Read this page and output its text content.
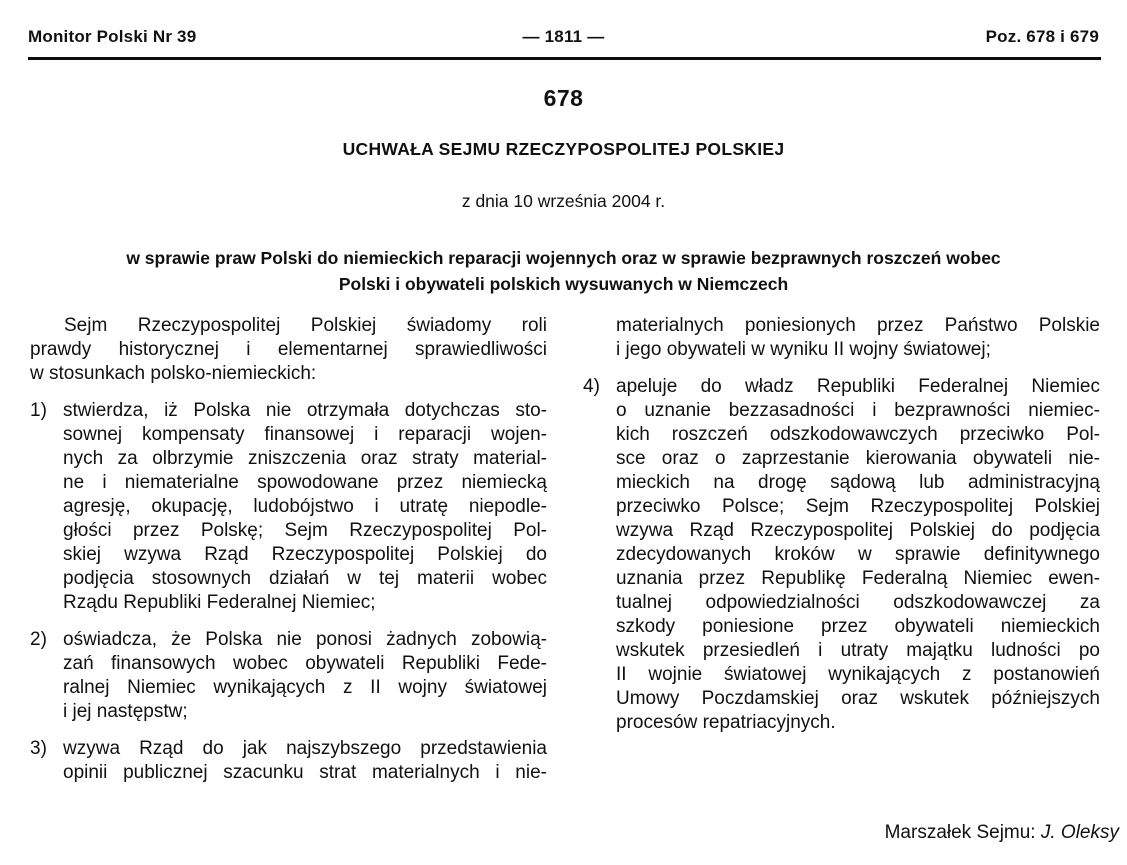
Monitor Polski Nr 39	— 1811 —	Poz. 678 i 679
678
UCHWAŁA SEJMU RZECZYPOSPOLITEJ POLSKIEJ
z dnia 10 września 2004 r.
w sprawie praw Polski do niemieckich reparacji wojennych oraz w sprawie bezprawnych roszczeń wobec
Polski i obywateli polskich wysuwanych w Niemczech
Sejm Rzeczypospolitej Polskiej świadomy roli
prawdy historycznej i elementarnej sprawiedliwości
w stosunkach polsko-niemieckich:
1) stwierdza, iż Polska nie otrzymała dotychczas sto-
sownej kompensaty finansowej i reparacji wojen-
nych za olbrzymie zniszczenia oraz straty material-
ne i niematerialne spowodowane przez niemiecką
agresję, okupację, ludobójstwo i utratę niepodle-
głości przez Polskę; Sejm Rzeczypospolitej Pol-
skiej wzywa Rząd Rzeczypospolitej Polskiej do
podjęcia stosownych działań w tej materii wobec
Rządu Republiki Federalnej Niemiec;
2) oświadcza, że Polska nie ponosi żadnych zobowią-
zań finansowych wobec obywateli Republiki Fede-
ralnej Niemiec wynikających z II wojny światowej
i jej następstw;
3) wzywa Rząd do jak najszybszego przedstawienia
opinii publicznej szacunku strat materialnych i nie-
materialnych poniesionych przez Państwo Polskie
i jego obywateli w wyniku II wojny światowej;
4) apeluje do władz Republiki Federalnej Niemiec
o uznanie bezzasadności i bezprawności niemiec-
kich roszczeń odszkodowawczych przeciwko Pol-
sce oraz o zaprzestanie kierowania obywateli nie-
mieckich na drogę sądową lub administracyjną
przeciwko Polsce; Sejm Rzeczypospolitej Polskiej
wzywa Rząd Rzeczypospolitej Polskiej do podjęcia
zdecydowanych kroków w sprawie definitywnego
uznania przez Republikę Federalną Niemiec ewen-
tualnej odpowiedzialności odszkodowawczej za
szkody poniesione przez obywateli niemieckich
wskutek przesiedleń i utraty majątku ludności po
II wojnie światowej wynikających z postanowień
Umowy Poczdamskiej oraz wskutek późniejszych
procesów repatriacyjnych.
Marszałek Sejmu: J. Oleksy
